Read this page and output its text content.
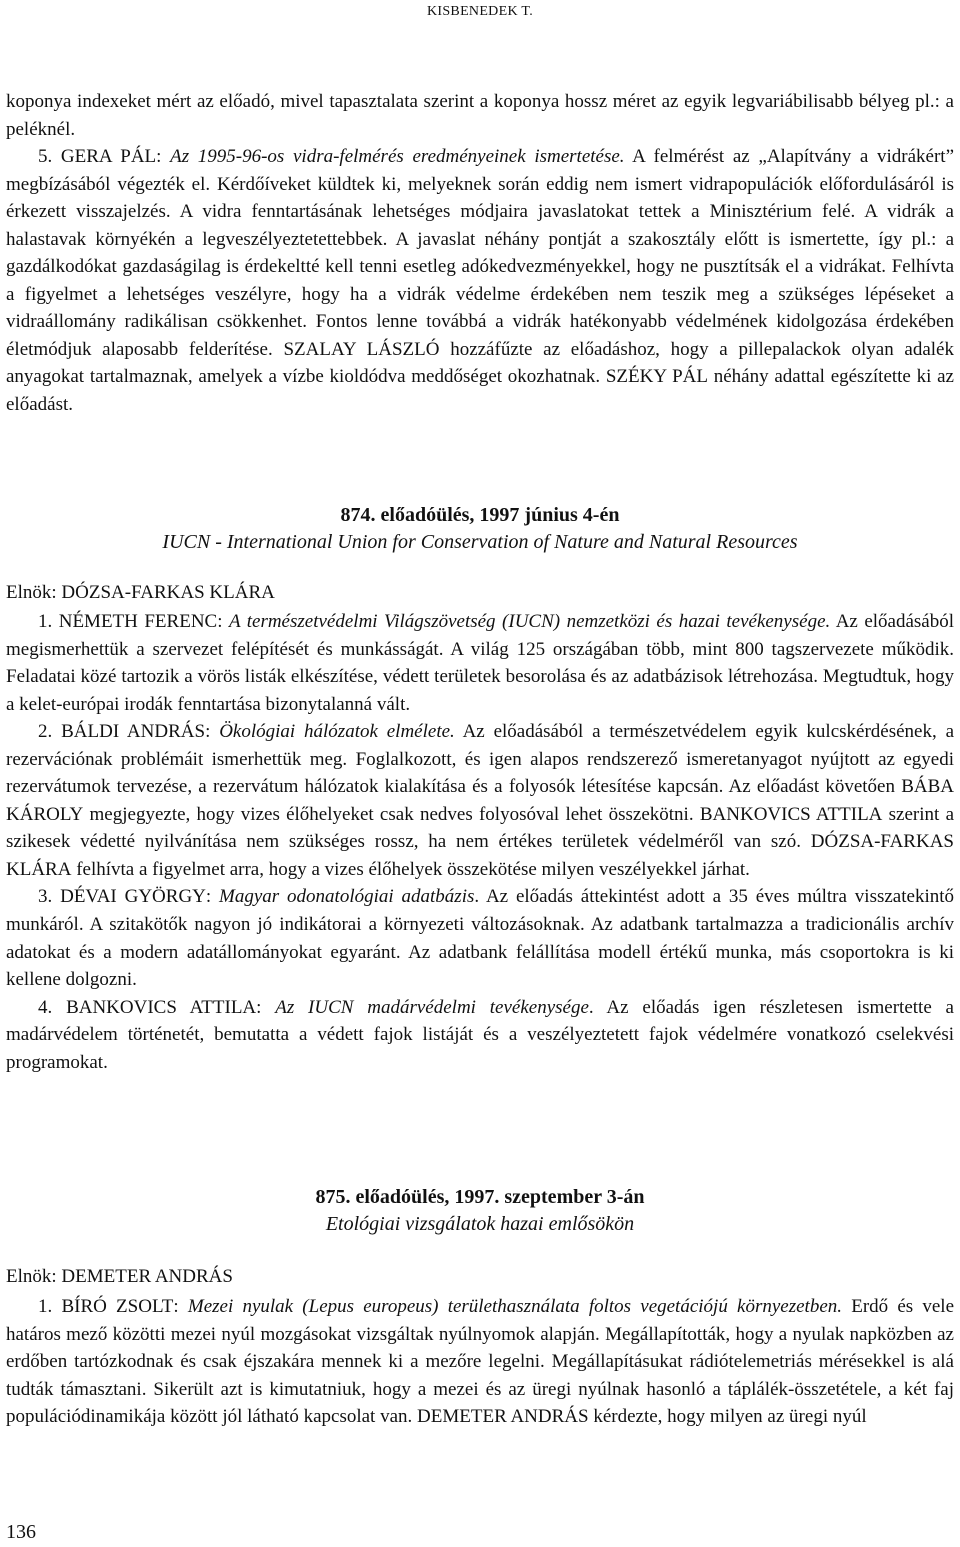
KISBENEDEK T.

koponya indexeket mért az előadó, mivel tapasztalata szerint a koponya hossz méret az egyik legvariábilisabb bélyeg pl.: a peléknél.

5. GERA PÁL: Az 1995-96-os vidra-felmérés eredményeinek ismertetése. A felmérést az „Alapítvány a vidrákért” megbízásából végezték el. Kérdőíveket küldtek ki, melyeknek során eddig nem ismert vidrapopulációk előfordulásáról is érkezett visszajelzés. A vidra fenntartásának lehetséges módjaira javaslatokat tettek a Minisztérium felé. A vidrák a halastavak környékén a legveszélyeztetettebbek. A javaslat néhány pontját a szakosztály előtt is ismertette, így pl.: a gazdálkodókat gazdaságilag is érdekeltté kell tenni esetleg adókedvezményekkel, hogy ne pusztítsák el a vidrákat. Felhívta a figyelmet a lehetséges veszélyre, hogy ha a vidrák védelme érdekében nem teszik meg a szükséges lépéseket a vidraállomány radikálisan csökkenhet. Fontos lenne továbbá a vidrák hatékonyabb védelmének kidolgozása érdekében életmódjuk alaposabb felderítése. SZALAY LÁSZLÓ hozzáfűzte az előadáshoz, hogy a pillepalackok olyan adalék anyagokat tartalmaznak, amelyek a vízbe kioldódva meddőséget okozhatnak. SZÉKY PÁL néhány adattal egészítette ki az előadást.

874. előadóülés, 1997 június 4-én
IUCN - International Union for Conservation of Nature and Natural Resources
Elnök: DÓZSA-FARKAS KLÁRA

1. NÉMETH FERENC: A természetvédelmi Világszövetség (IUCN) nemzetközi és hazai tevékenysége. Az előadásából megismerhettük a szervezet felépítését és munkásságát. A világ 125 országában több, mint 800 tagszervezete működik. Feladatai közé tartozik a vörös listák elkészítése, védett területek besorolása és az adatbázisok létrehozása. Megtudtuk, hogy a kelet-európai irodák fenntartása bizonytalanná vált.

2. BÁLDI ANDRÁS: Ökológiai hálózatok elmélete. Az előadásából a természetvédelem egyik kulcskérdésének, a rezervációnak problémáit ismerhettük meg. Foglalkozott, és igen alapos rendszerező ismeretanyagot nyújtott az egyedi rezervátumok tervezése, a rezervátum hálózatok kialakítása és a folyosók létesítése kapcsán. Az előadást követően BÁBA KÁROLY megjegyezte, hogy vizes élőhelyeket csak nedves folyosóval lehet összekötni. BANKOVICS ATTILA szerint a szikesek védetté nyilvánítása nem szükséges rossz, ha nem értékes területek védelméről van szó. DÓZSA-FARKAS KLÁRA felhívta a figyelmet arra, hogy a vizes élőhelyek összekötése milyen veszélyekkel járhat.

3. DÉVAI GYÖRGY: Magyar odonatológiai adatbázis. Az előadás áttekintést adott a 35 éves múltra visszatekintő munkáról. A szitakötők nagyon jó indikátorai a környezeti változásoknak. Az adatbank tartalmazza a tradicionális archív adatokat és a modern adatállományokat egyaránt. Az adatbank felállítása modell értékű munka, más csoportokra is ki kellene dolgozni.

4. BANKOVICS ATTILA: Az IUCN madárvédelmi tevékenysége. Az előadás igen részletesen ismertette a madárvédelem történetét, bemutatta a védett fajok listáját és a veszélyeztetett fajok védelmére vonatkozó cselekvési programokat.

875. előadóülés, 1997. szeptember 3-án
Etológiai vizsgálatok hazai emlősökön
Elnök: DEMETER ANDRÁS

1. BÍRÓ ZSOLT: Mezei nyulak (Lepus europeus) területhasználata foltos vegetációjú környezetben. Erdő és vele határos mező közötti mezei nyúl mozgásokat vizsgáltak nyúlnyomok alapján. Megállapították, hogy a nyulak napközben az erdőben tartózkodnak és csak éjszakára mennek ki a mezőre legelni. Megállapításukat rádiótelemetriás mérésekkel is alá tudták támasztani. Sikerült azt is kimutatniuk, hogy a mezei és az üregi nyúlnak hasonló a táplálék-összetétele, a két faj populációdinamikája között jól látható kapcsolat van. DEMETER ANDRÁS kérdezte, hogy milyen az üregi nyúl

136
